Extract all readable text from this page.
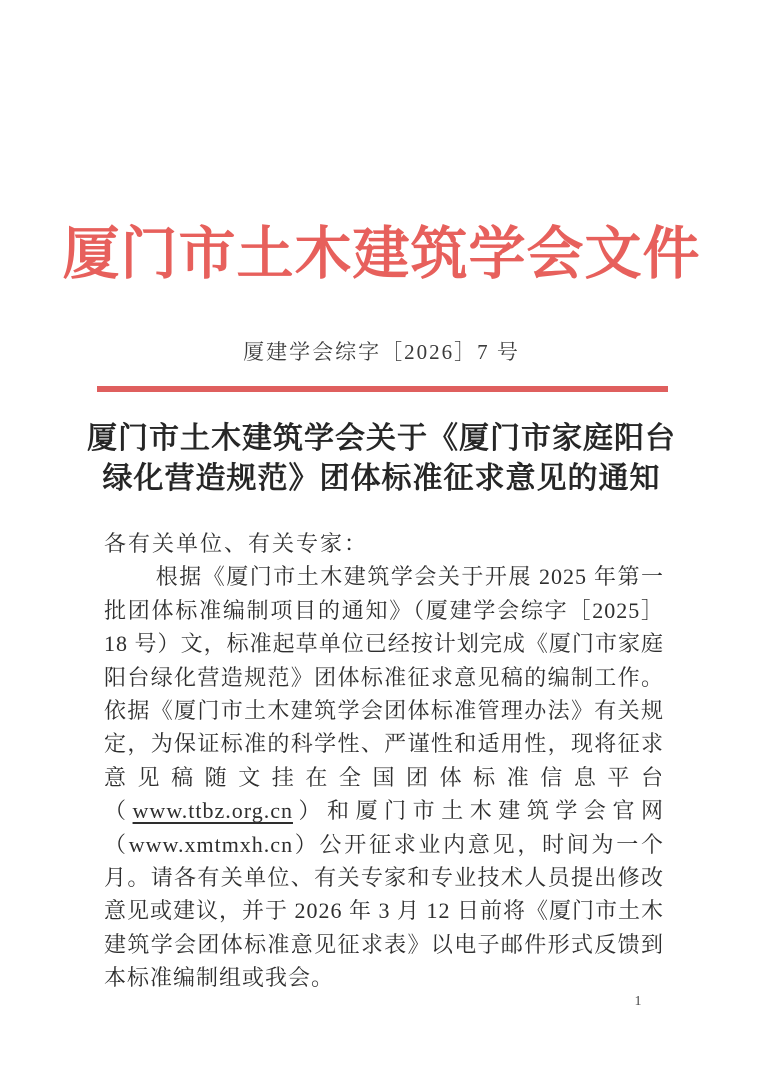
厦门市土木建筑学会文件
厦建学会综字［2026］7 号
厦门市土木建筑学会关于《厦门市家庭阳台
绿化营造规范》团体标准征求意见的通知
各有关单位、有关专家：

根据《厦门市土木建筑学会关于开展 2025 年第一批团体标准编制项目的通知》（厦建学会综字［2025］18 号）文，标准起草单位已经按计划完成《厦门市家庭阳台绿化营造规范》团体标准征求意见稿的编制工作。依据《厦门市土木建筑学会团体标准管理办法》有关规定，为保证标准的科学性、严谨性和适用性，现将征求意见稿随文挂在全国团体标准信息平台（www.ttbz.org.cn）和厦门市土木建筑学会官网（www.xmtmxh.cn）公开征求业内意见，时间为一个月。请各有关单位、有关专家和专业技术人员提出修改意见或建议，并于 2026 年 3 月 12 日前将《厦门市土木建筑学会团体标准意见征求表》以电子邮件形式反馈到本标准编制组或我会。

1
